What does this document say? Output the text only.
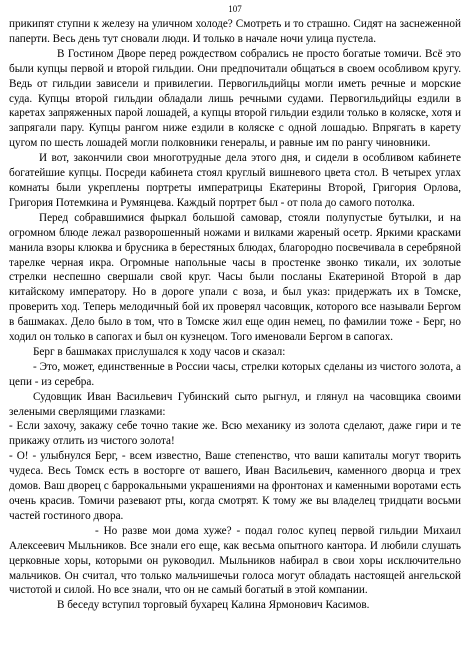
107

прикипят ступни к железу на уличном холоде? Смотреть и то страшно. Сидят на заснеженной паперти. Весь день тут сновали люди. И только в начале ночи улица пустела.

В Гостином Дворе перед рождеством собрались не просто богатые томичи. Всё это были купцы первой и второй гильдии. Они предпочитали общаться в своем особливом кругу. Ведь от гильдии зависели и привилегии. Первогильдийцы могли иметь речные и морские суда. Купцы второй гильдии обладали лишь речными судами. Первогильдийцы ездили в каретах запряженных парой лошадей, а купцы второй гильдии ездили только в коляске, хотя и запрягали пару. Купцы рангом ниже ездили в коляске с одной лошадью. Впрягать в карету цугом по шесть лошадей могли полковники генералы, и равные им по рангу чиновники.

И вот, закончили свои многотрудные дела этого дня, и сидели в особливом кабинете богатейшие купцы. Посреди кабинета стоял круглый вишневого цвета стол. В четырех углах комнаты были укреплены портреты императрицы Екатерины Второй, Григория Орлова, Григория Потемкина и Румянцева. Каждый портрет был - от пола до самого потолка.

Перед собравшимися фыркал большой самовар, стояли полупустые бутылки, и на огромном блюде лежал разворошенный ножами и вилками жареный осетр. Яркими красками манила взоры клюква и брусника в берестяных блюдах, благородно посвечивала в серебряной тарелке черная икра. Огромные напольные часы в простенке звонко тикали, их золотые стрелки неспешно свершали свой круг. Часы были посланы Екатериной Второй в дар китайскому императору. Но в дороге упали с воза, и был указ: придержать их в Томске, проверить ход. Теперь мелодичный бой их проверял часовщик, которого все называли Бергом в башмаках. Дело было в том, что в Томске жил еще один немец, по фамилии тоже - Берг, но ходил он только в сапогах и был он кузнецом. Того именовали Бергом в сапогах.

Берг в башмаках прислушался к ходу часов и сказал:

- Это, может, единственные в России часы, стрелки которых сделаны из чистого золота, а цепи - из серебра.

Судовщик Иван Васильевич Губинский сыто рыгнул, и глянул на часовщика своими зелеными сверлящими глазками:

- Если захочу, закажу себе точно такие же. Всю механику из золота сделают, даже гири и те прикажу отлить из чистого золота!

- О! - улыбнулся Берг, - всем известно, Ваше степенство, что ваши капиталы могут творить чудеса. Весь Томск есть в восторге от вашего, Иван Васильевич, каменного дворца и трех домов. Ваш дворец с баррокальными украшениями на фронтонах и каменными воротами есть очень красив. Томичи разевают рты, когда смотрят. К тому же вы владелец тридцати восьми частей гостиного двора.

- Но разве мои дома хуже? - подал голос купец первой гильдии Михаил Алексеевич Мыльников. Все знали его еще, как весьма опытного кантора. И любили слушать церковные хоры, которыми он руководил. Мыльников набирал в свои хоры исключительно мальчиков. Он считал, что только мальчишечьи голоса могут обладать настоящей ангельской чистотой и силой. Но все знали, что он не самый богатый в этой компании.

В беседу вступил торговый бухарец Калина Ярмонович Касимов.
